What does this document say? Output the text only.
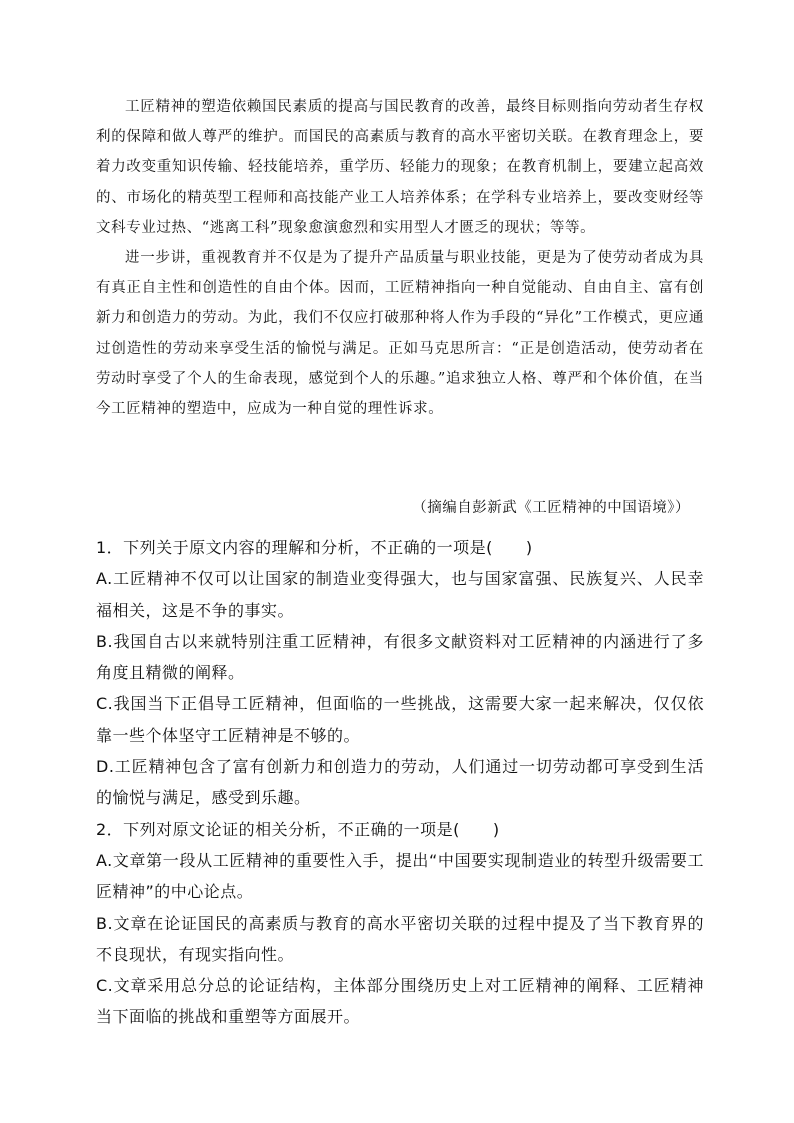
工匠精神的塑造依赖国民素质的提高与国民教育的改善，最终目标则指向劳动者生存权利的保障和做人尊严的维护。而国民的高素质与教育的高水平密切关联。在教育理念上，要着力改变重知识传输、轻技能培养，重学历、轻能力的现象；在教育机制上，要建立起高效的、市场化的精英型工程师和高技能产业工人培养体系；在学科专业培养上，要改变财经等文科专业过热、“逃离工科”现象愈演愈烈和实用型人才匮乏的现状；等等。

进一步讲，重视教育并不仅是为了提升产品质量与职业技能，更是为了使劳动者成为具有真正自主性和创造性的自由个体。因而，工匠精神指向一种自觉能动、自由自主、富有创新力和创造力的劳动。为此，我们不仅应打破那种将人作为手段的“异化”工作模式，更应通过创造性的劳动来享受生活的愉悦与满足。正如马克思所言：“正是创造活动，使劳动者在劳动时享受了个人的生命表现，感觉到个人的乐趣。”追求独立人格、尊严和个体价值，在当今工匠精神的塑造中，应成为一种自觉的理性诉求。

（摘编自彭新武《工匠精神的中国语境》）

1．下列关于原文内容的理解和分析，不正确的一项是(　　)

A.工匠精神不仅可以让国家的制造业变得强大，也与国家富强、民族复兴、人民幸福相关，这是不争的事实。

B.我国自古以来就特别注重工匠精神，有很多文献资料对工匠精神的内涵进行了多角度且精微的阐释。

C.我国当下正倡导工匠精神，但面临的一些挑战，这需要大家一起来解决，仅仅依靠一些个体坚守工匠精神是不够的。

D.工匠精神包含了富有创新力和创造力的劳动，人们通过一切劳动都可享受到生活的愉悦与满足，感受到乐趣。

2．下列对原文论证的相关分析，不正确的一项是(　　)

A.文章第一段从工匠精神的重要性入手，提出“中国要实现制造业的转型升级需要工匠精神”的中心论点。

B.文章在论证国民的高素质与教育的高水平密切关联的过程中提及了当下教育界的不良现状，有现实指向性。

C.文章采用总分总的论证结构，主体部分围绕历史上对工匠精神的阐释、工匠精神当下面临的挑战和重塑等方面展开。
